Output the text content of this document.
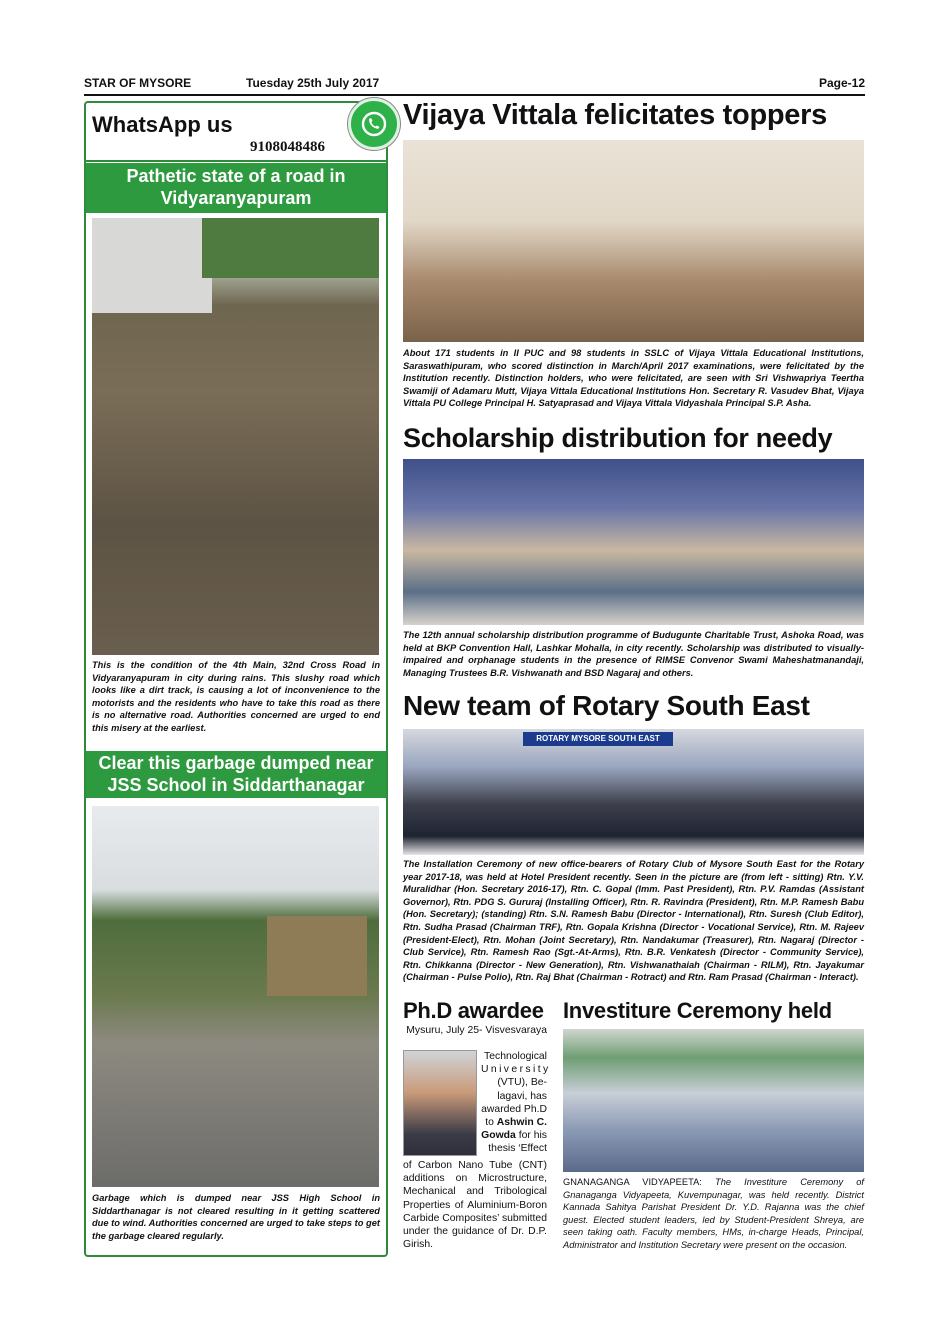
STAR OF MYSORE	Tuesday 25th July 2017	Page-12
WhatsApp us
9108048486
Pathetic state of a road in Vidyaranyapuram
This is the condition of the 4th Main, 32nd Cross Road in Vidyaranyapuram in city during rains. This slushy road which looks like a dirt track, is causing a lot of inconvenience to the motorists and the residents who have to take this road as there is no alternative road. Authorities concerned are urged to end this misery at the earliest.
Clear this garbage dumped near JSS School in Siddarthanagar
Garbage which is dumped near JSS High School in Siddarthanagar is not cleared resulting in it getting scattered due to wind. Authorities concerned are urged to take steps to get the garbage cleared regularly.
Vijaya Vittala felicitates toppers
About 171 students in II PUC and 98 students in SSLC of Vijaya Vittala Educational Institutions, Saraswathipuram, who scored distinction in March/April 2017 examinations, were felicitated by the Institution recently. Distinction holders, who were felicitated, are seen with Sri Vishwapriya Teertha Swamiji of Adamaru Mutt, Vijaya Vittala Educational Institutions Hon. Secretary R. Vasudev Bhat, Vijaya Vittala PU College Principal H. Satyaprasad and Vijaya Vittala Vidyashala Principal S.P. Asha.
Scholarship distribution for needy
The 12th annual scholarship distribution programme of Budugunte Charitable Trust, Ashoka Road, was held at BKP Convention Hall, Lashkar Mohalla, in city recently. Scholarship was distributed to visually-impaired and orphanage students in the presence of RIMSE Convenor Swami Maheshatmanandaji, Managing Trustees B.R. Vishwanath and BSD Nagaraj and others.
New team of Rotary South East
ROTARY MYSORE SOUTH EAST
The Installation Ceremony of new office-bearers of Rotary Club of Mysore South East for the Rotary year 2017-18, was held at Hotel President recently. Seen in the picture are (from left - sitting) Rtn. Y.V. Muralidhar (Hon. Secretary 2016-17), Rtn. C. Gopal (Imm. Past President), Rtn. P.V. Ramdas (Assistant Governor), Rtn. PDG S. Gururaj (Installing Officer), Rtn. R. Ravindra (President), Rtn. M.P. Ramesh Babu (Hon. Secretary); (standing) Rtn. S.N. Ramesh Babu (Director - International), Rtn. Suresh (Club Editor), Rtn. Sudha Prasad (Chairman TRF), Rtn. Gopala Krishna (Director - Vocational Service), Rtn. M. Rajeev (President-Elect), Rtn. Mohan (Joint Secretary), Rtn. Nandakumar (Treasurer), Rtn. Nagaraj (Director - Club Service), Rtn. Ramesh Rao (Sgt.-At-Arms), Rtn. B.R. Venkatesh (Director - Community Service), Rtn. Chikkanna (Director - New Generation), Rtn. Vishwanathaiah (Chairman - RILM), Rtn. Jayakumar (Chairman - Pulse Polio), Rtn. Raj Bhat (Chairman - Rotract) and Rtn. Ram Prasad (Chairman - Interact).
Ph.D awardee
Mysuru, July 25- Visvesvaraya
Technological
University
(VTU), Be-
lagavi, has
awarded Ph.D
to Ashwin C.
Gowda for his
thesis ‘Effect
of Carbon Nano Tube (CNT) additions on Microstructure, Mechanical and Tribological Properties of Aluminium-Boron Carbide Composites’ submitted under the guidance of Dr. D.P. Girish.
Investiture Ceremony held
GNANAGANGA VIDYAPEETA: The Investiture Ceremony of Gnanaganga Vidyapeeta, Kuvempunagar, was held recently. District Kannada Sahitya Parishat President Dr. Y.D. Rajanna was the chief guest. Elected student leaders, led by Student-President Shreya, are seen taking oath. Faculty members, HMs, in-charge Heads, Principal, Administrator and Institution Secretary were present on the occasion.
